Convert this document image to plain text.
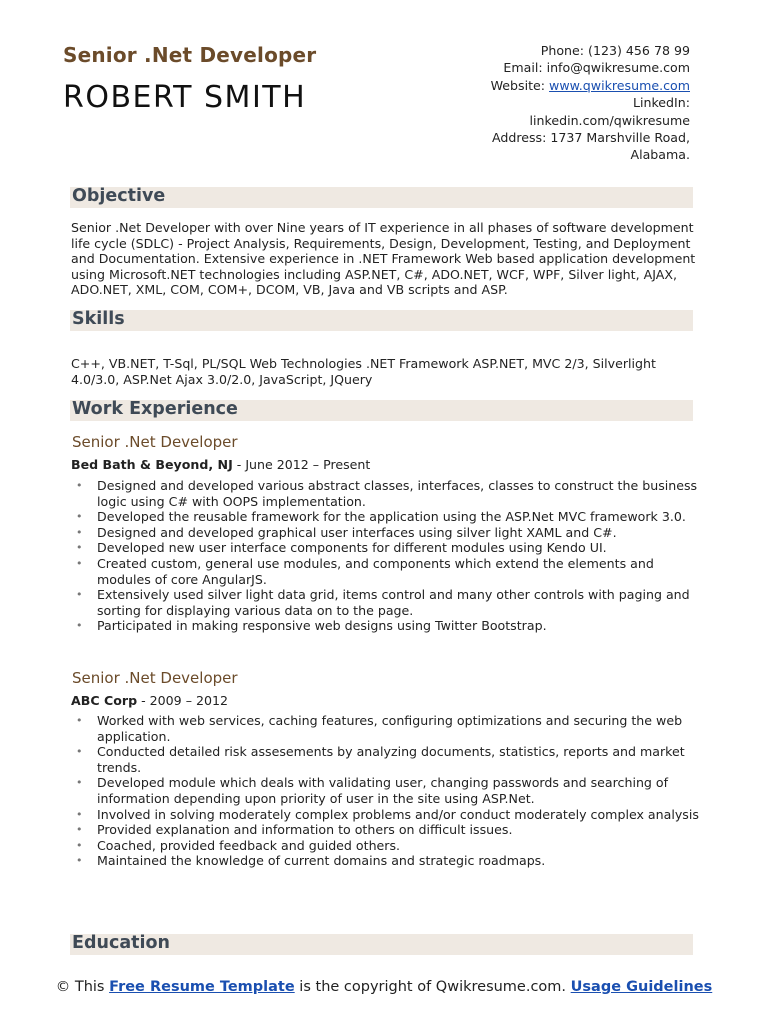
Senior .Net Developer
ROBERT SMITH
Phone: (123) 456 78 99
Email: info@qwikresume.com
Website: www.qwikresume.com
LinkedIn:
linkedin.com/qwikresume
Address: 1737 Marshville Road,
Alabama.
Objective
Senior .Net Developer with over Nine years of IT experience in all phases of software development life cycle (SDLC) - Project Analysis, Requirements, Design, Development, Testing, and Deployment and Documentation. Extensive experience in .NET Framework Web based application development using Microsoft.NET technologies including ASP.NET, C#, ADO.NET, WCF, WPF, Silver light, AJAX, ADO.NET, XML, COM, COM+, DCOM, VB, Java and VB scripts and ASP.
Skills
C++, VB.NET, T-Sql, PL/SQL Web Technologies .NET Framework ASP.NET, MVC 2/3, Silverlight 4.0/3.0, ASP.Net Ajax 3.0/2.0, JavaScript, JQuery
Work Experience
Senior .Net Developer
Bed Bath & Beyond, NJ - June 2012 – Present
• Designed and developed various abstract classes, interfaces, classes to construct the business logic using C# with OOPS implementation.
• Developed the reusable framework for the application using the ASP.Net MVC framework 3.0.
• Designed and developed graphical user interfaces using silver light XAML and C#.
• Developed new user interface components for different modules using Kendo UI.
• Created custom, general use modules, and components which extend the elements and modules of core AngularJS.
• Extensively used silver light data grid, items control and many other controls with paging and sorting for displaying various data on to the page.
• Participated in making responsive web designs using Twitter Bootstrap.
Senior .Net Developer
ABC Corp - 2009 – 2012
• Worked with web services, caching features, configuring optimizations and securing the web application.
• Conducted detailed risk assesements by analyzing documents, statistics, reports and market trends.
• Developed module which deals with validating user, changing passwords and searching of information depending upon priority of user in the site using ASP.Net.
• Involved in solving moderately complex problems and/or conduct moderately complex analysis
• Provided explanation and information to others on difficult issues.
• Coached, provided feedback and guided others.
• Maintained the knowledge of current domains and strategic roadmaps.
Education
© This Free Resume Template is the copyright of Qwikresume.com. Usage Guidelines
